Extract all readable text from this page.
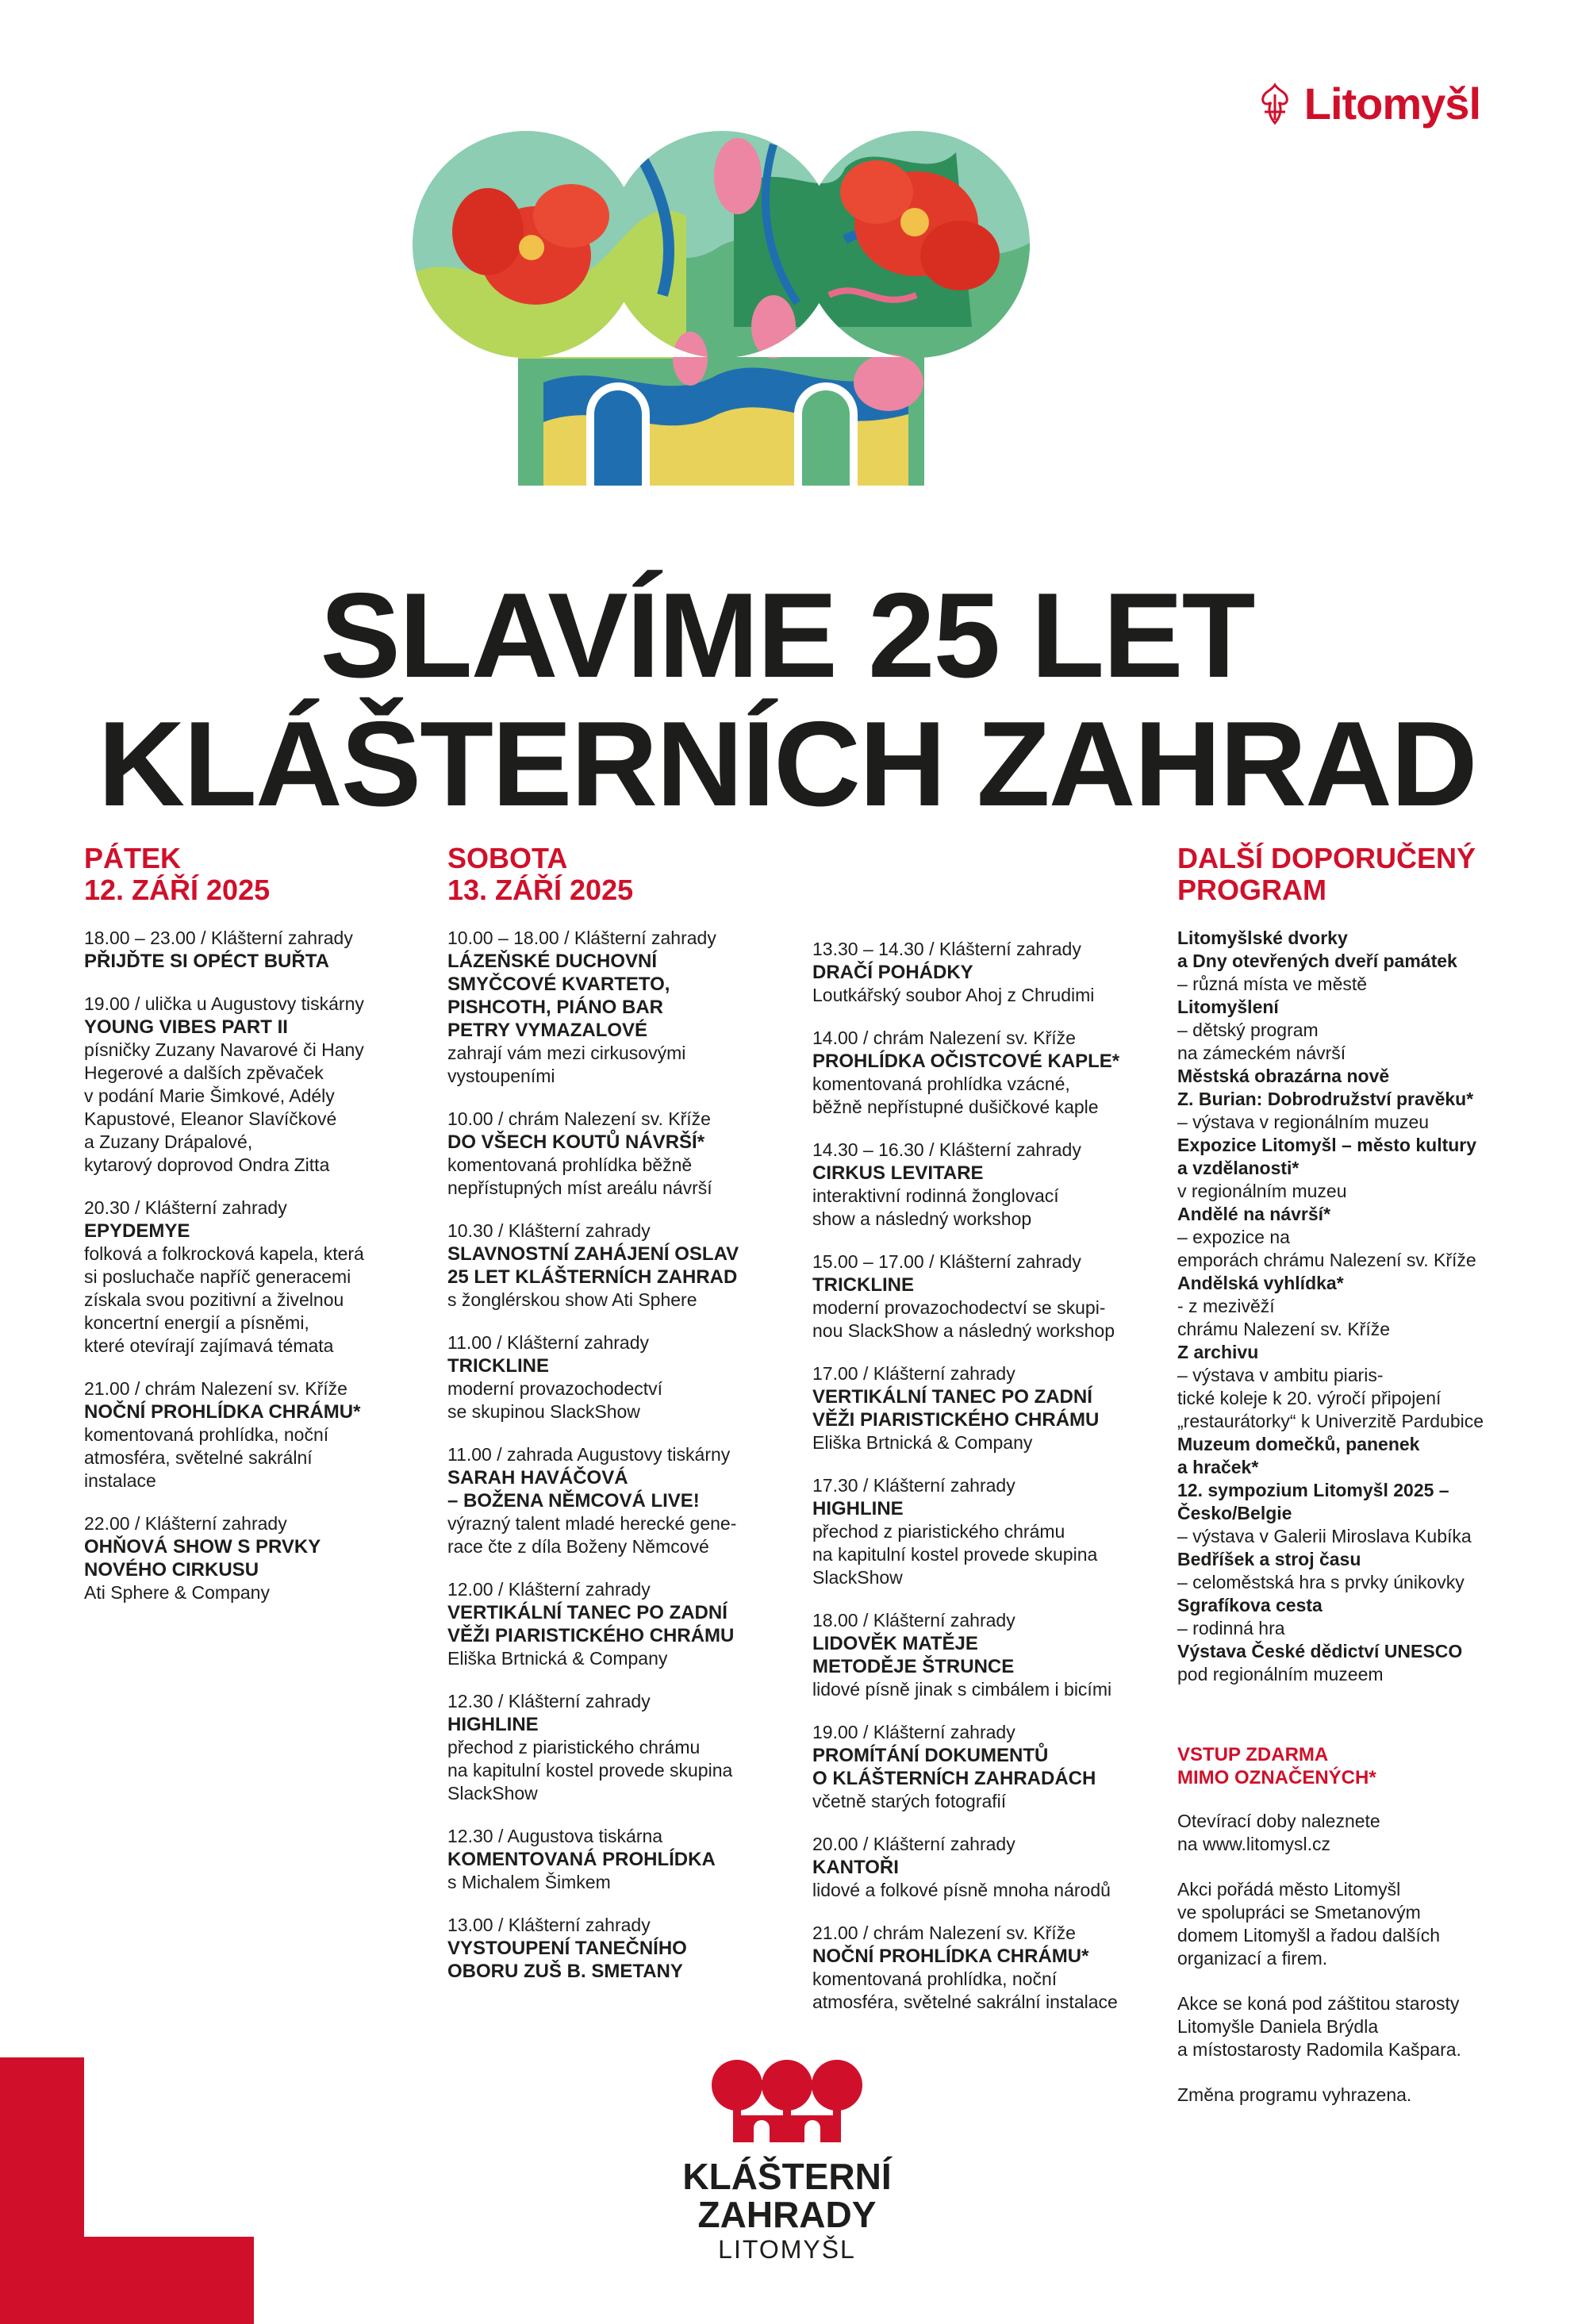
Litomyšl
SLAVÍME 25 LET
KLÁŠTERNÍCH ZAHRAD
PÁTEK
12. ZÁŘÍ 2025
18.00 – 23.00 / Klášterní zahrady
PŘIJĎTE SI OPÉCT BUŘTA
19.00 / ulička u Augustovy tiskárny
YOUNG VIBES PART II
písničky Zuzany Navarové či Hany
Hegerové a dalších zpěvaček
v podání Marie Šimkové, Adély
Kapustové, Eleanor Slavíčkové
a Zuzany Drápalové,
kytarový doprovod Ondra Zitta
20.30 / Klášterní zahrady
EPYDEMYE
folková a folkrocková kapela, která
si posluchače napříč generacemi
získala svou pozitivní a živelnou
koncertní energií a písněmi,
které otevírají zajímavá témata
21.00 / chrám Nalezení sv. Kříže
NOČNÍ PROHLÍDKA CHRÁMU*
komentovaná prohlídka, noční
atmosféra, světelné sakrální
instalace
22.00 / Klášterní zahrady
OHŇOVÁ SHOW S PRVKY
NOVÉHO CIRKUSU
Ati Sphere & Company
SOBOTA
13. ZÁŘÍ 2025
10.00 – 18.00 / Klášterní zahrady
LÁZEŇSKÉ DUCHOVNÍ
SMYČCOVÉ KVARTETO,
PISHCOTH, PIÁNO BAR
PETRY VYMAZALOVÉ
zahrají vám mezi cirkusovými
vystoupeními
10.00 / chrám Nalezení sv. Kříže
DO VŠECH KOUTŮ NÁVRŠÍ*
komentovaná prohlídka běžně
nepřístupných míst areálu návrší
10.30 / Klášterní zahrady
SLAVNOSTNÍ ZAHÁJENÍ OSLAV
25 LET KLÁŠTERNÍCH ZAHRAD
s žonglérskou show Ati Sphere
11.00 / Klášterní zahrady
TRICKLINE
moderní provazochodectví
se skupinou SlackShow
11.00 / zahrada Augustovy tiskárny
SARAH HAVÁČOVÁ
– BOŽENA NĚMCOVÁ LIVE!
výrazný talent mladé herecké gene-
race čte z díla Boženy Němcové
12.00 / Klášterní zahrady
VERTIKÁLNÍ TANEC PO ZADNÍ
VĚŽI PIARISTICKÉHO CHRÁMU
Eliška Brtnická & Company
12.30 / Klášterní zahrady
HIGHLINE
přechod z piaristického chrámu
na kapitulní kostel provede skupina
SlackShow
12.30 / Augustova tiskárna
KOMENTOVANÁ PROHLÍDKA
s Michalem Šimkem
13.00 / Klášterní zahrady
VYSTOUPENÍ TANEČNÍHO
OBORU ZUŠ B. SMETANY
13.30 – 14.30 / Klášterní zahrady
DRAČÍ POHÁDKY
Loutkářský soubor Ahoj z Chrudimi
14.00 / chrám Nalezení sv. Kříže
PROHLÍDKA OČISTCOVÉ KAPLE*
komentovaná prohlídka vzácné,
běžně nepřístupné dušičkové kaple
14.30 – 16.30 / Klášterní zahrady
CIRKUS LEVITARE
interaktivní rodinná žonglovací
show a následný workshop
15.00 – 17.00 / Klášterní zahrady
TRICKLINE
moderní provazochodectví se skupi-
nou SlackShow a následný workshop
17.00 / Klášterní zahrady
VERTIKÁLNÍ TANEC PO ZADNÍ
VĚŽI PIARISTICKÉHO CHRÁMU
Eliška Brtnická & Company
17.30 / Klášterní zahrady
HIGHLINE
přechod z piaristického chrámu
na kapitulní kostel provede skupina
SlackShow
18.00 / Klášterní zahrady
LIDOVĚK MATĚJE
METODĚJE ŠTRUNCE
lidové písně jinak s cimbálem i bicími
19.00 / Klášterní zahrady
PROMÍTÁNÍ DOKUMENTŮ
O KLÁŠTERNÍCH ZAHRADÁCH
včetně starých fotografií
20.00 / Klášterní zahrady
KANTOŘI
lidové a folkové písně mnoha národů
21.00 / chrám Nalezení sv. Kříže
NOČNÍ PROHLÍDKA CHRÁMU*
komentovaná prohlídka, noční
atmosféra, světelné sakrální instalace
DALŠÍ DOPORUČENÝ
PROGRAM
Litomyšlské dvorky
a Dny otevřených dveří památek
– různá místa ve městě
Litomyšlení
– dětský program
na zámeckém návrší
Městská obrazárna nově
Z. Burian: Dobrodružství pravěku*
– výstava v regionálním muzeu
Expozice Litomyšl – město kultury
a vzdělanosti*
v regionálním muzeu
Andělé na návrší*
– expozice na
emporách chrámu Nalezení sv. Kříže
Andělská vyhlídka*
- z mezivěží
chrámu Nalezení sv. Kříže
Z archivu
– výstava v ambitu piaris-
tické koleje k 20. výročí připojení
„restaurátorky“ k Univerzitě Pardubice
Muzeum domečků, panenek
a hraček*
12. sympozium Litomyšl 2025 –
Česko/Belgie
– výstava v Galerii Miroslava Kubíka
Bedříšek a stroj času
– celoměstská hra s prvky únikovky
Sgrafíkova cesta
– rodinná hra
Výstava České dědictví UNESCO
pod regionálním muzeem
VSTUP ZDARMA
MIMO OZNAČENÝCH*
Otevírací doby naleznete
na www.litomysl.cz
Akci pořádá město Litomyšl
ve spolupráci se Smetanovým
domem Litomyšl a řadou dalších
organizací a firem.
Akce se koná pod záštitou starosty
Litomyšle Daniela Brýdla
a místostarosty Radomila Kašpara.
Změna programu vyhrazena.
KLÁŠTERNÍ
ZAHRADY
LITOMYŠL
